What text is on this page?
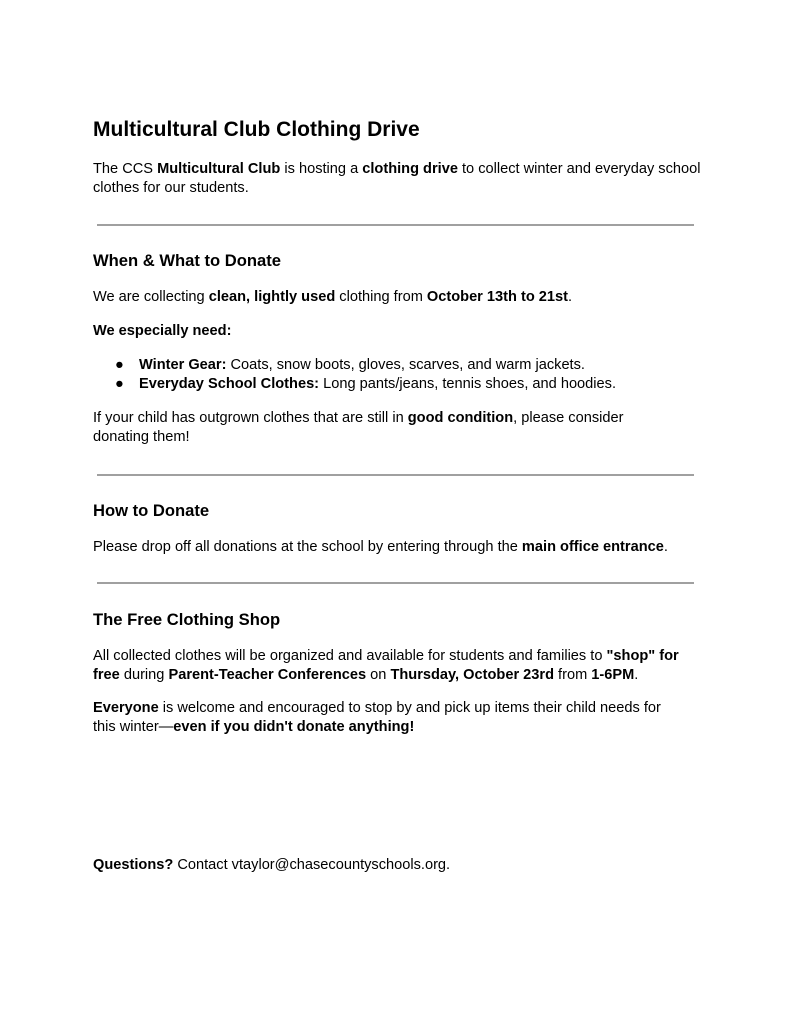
Multicultural Club Clothing Drive

The CCS Multicultural Club is hosting a clothing drive to collect winter and everyday school clothes for our students.

When & What to Donate

We are collecting clean, lightly used clothing from October 13th to 21st.

We especially need:

● Winter Gear: Coats, snow boots, gloves, scarves, and warm jackets.
● Everyday School Clothes: Long pants/jeans, tennis shoes, and hoodies.

If your child has outgrown clothes that are still in good condition, please consider donating them!

How to Donate

Please drop off all donations at the school by entering through the main office entrance.

The Free Clothing Shop

All collected clothes will be organized and available for students and families to "shop" for free during Parent-Teacher Conferences on Thursday, October 23rd from 1-6PM.

Everyone is welcome and encouraged to stop by and pick up items their child needs for this winter—even if you didn't donate anything!

Questions? Contact vtaylor@chasecountyschools.org.
